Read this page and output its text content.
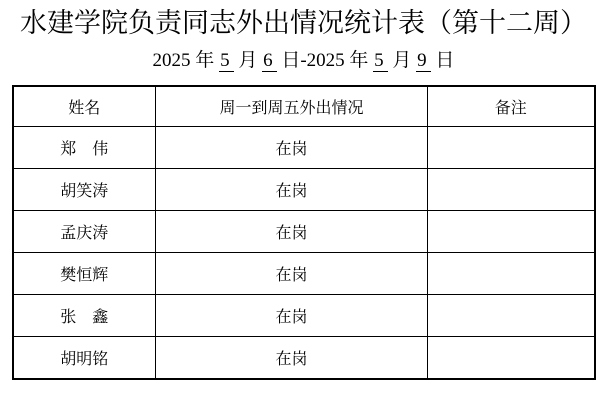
水建学院负责同志外出情况统计表（第十二周）
2025 年 5 月 6 日-2025 年 5 月 9 日
姓名	周一到周五外出情况	备注
郑　伟	在岗	
胡笑涛	在岗	
孟庆涛	在岗	
樊恒辉	在岗	
张　鑫	在岗	
胡明铭	在岗	
